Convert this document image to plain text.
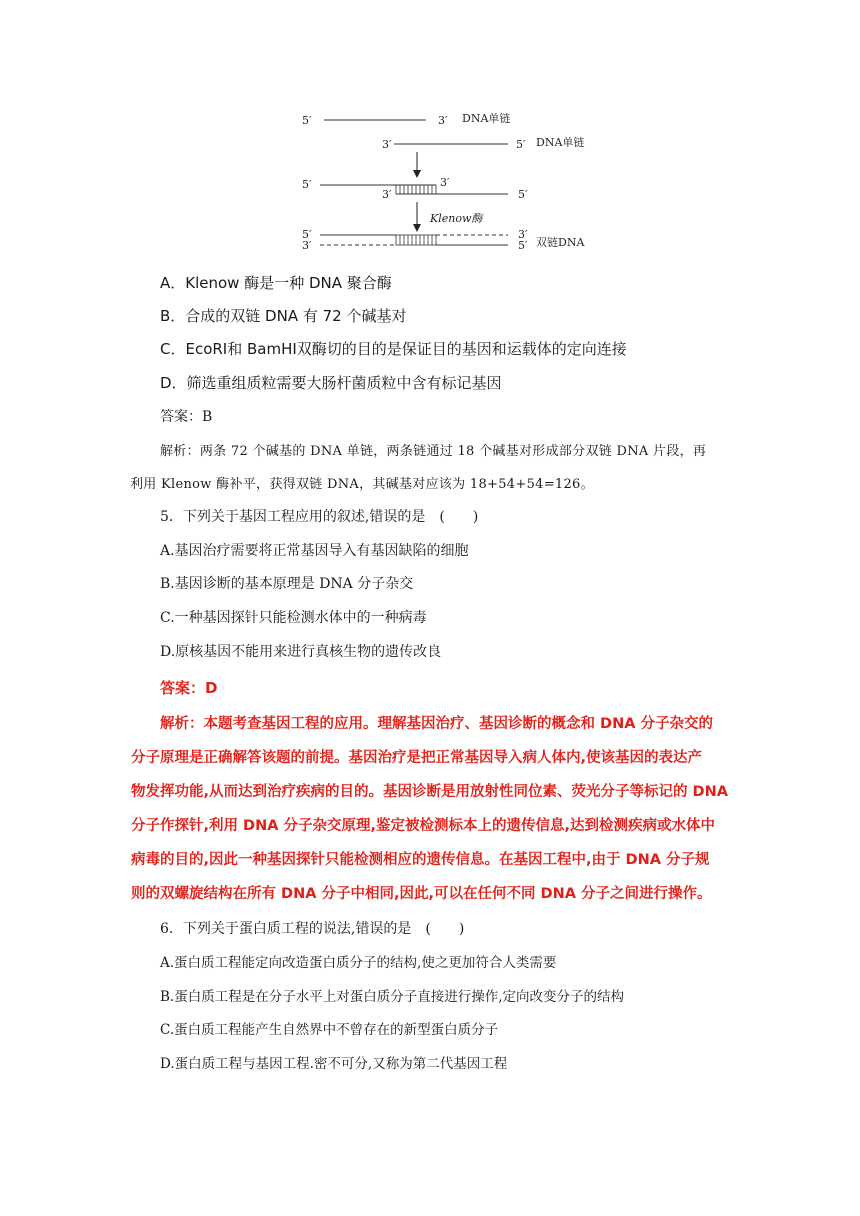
5′	3′ DNA单链
3′	5′ DNA单链
5′	3′
3′	5′
Klenow酶
5′
3′
3′
5′ 双链DNA
A．Klenow 酶是一种 DNA 聚合酶
B．合成的双链 DNA 有 72 个碱基对
C．EcoRⅠ和 BamHⅠ双酶切的目的是保证目的基因和运载体的定向连接
D．筛选重组质粒需要大肠杆菌质粒中含有标记基因
答案：B
解析：两条 72 个碱基的 DNA 单链，两条链通过 18 个碱基对形成部分双链 DNA 片段，再
利用 Klenow 酶补平，获得双链 DNA，其碱基对应该为 18+54+54=126。
5．下列关于基因工程应用的叙述,错误的是　(　　)
A.基因治疗需要将正常基因导入有基因缺陷的细胞
B.基因诊断的基本原理是 DNA 分子杂交
C.一种基因探针只能检测水体中的一种病毒
D.原核基因不能用来进行真核生物的遗传改良
答案：D
解析：本题考查基因工程的应用。理解基因治疗、基因诊断的概念和 DNA 分子杂交的
分子原理是正确解答该题的前提。基因治疗是把正常基因导入病人体内,使该基因的表达产
物发挥功能,从而达到治疗疾病的目的。基因诊断是用放射性同位素、荧光分子等标记的 DNA
分子作探针,利用 DNA 分子杂交原理,鉴定被检测标本上的遗传信息,达到检测疾病或水体中
病毒的目的,因此一种基因探针只能检测相应的遗传信息。在基因工程中,由于 DNA 分子规
则的双螺旋结构在所有 DNA 分子中相同,因此,可以在任何不同 DNA 分子之间进行操作。
6．下列关于蛋白质工程的说法,错误的是　(　　)
A.蛋白质工程能定向改造蛋白质分子的结构,使之更加符合人类需要
B.蛋白质工程是在分子水平上对蛋白质分子直接进行操作,定向改变分子的结构
C.蛋白质工程能产生自然界中不曾存在的新型蛋白质分子
D.蛋白质工程与基因工程.密不可分,又称为第二代基因工程
